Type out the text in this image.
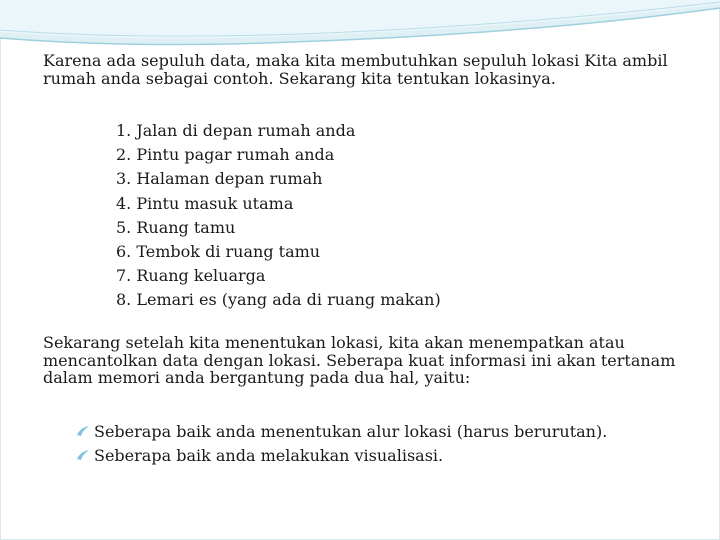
Karena ada sepuluh data, maka kita membutuhkan sepuluh lokasi Kita ambil rumah anda sebagai contoh. Sekarang kita tentukan lokasinya.

1. Jalan di depan rumah anda
2. Pintu pagar rumah anda
3. Halaman depan rumah
4. Pintu masuk utama
5. Ruang tamu
6. Tembok di ruang tamu
7. Ruang keluarga
8. Lemari es (yang ada di ruang makan)

Sekarang setelah kita menentukan lokasi, kita akan menempatkan atau mencantolkan data dengan lokasi. Seberapa kuat informasi ini akan tertanam dalam memori anda bergantung pada dua hal, yaitu:

Seberapa baik anda menentukan alur lokasi (harus berurutan).
Seberapa baik anda melakukan visualisasi.
